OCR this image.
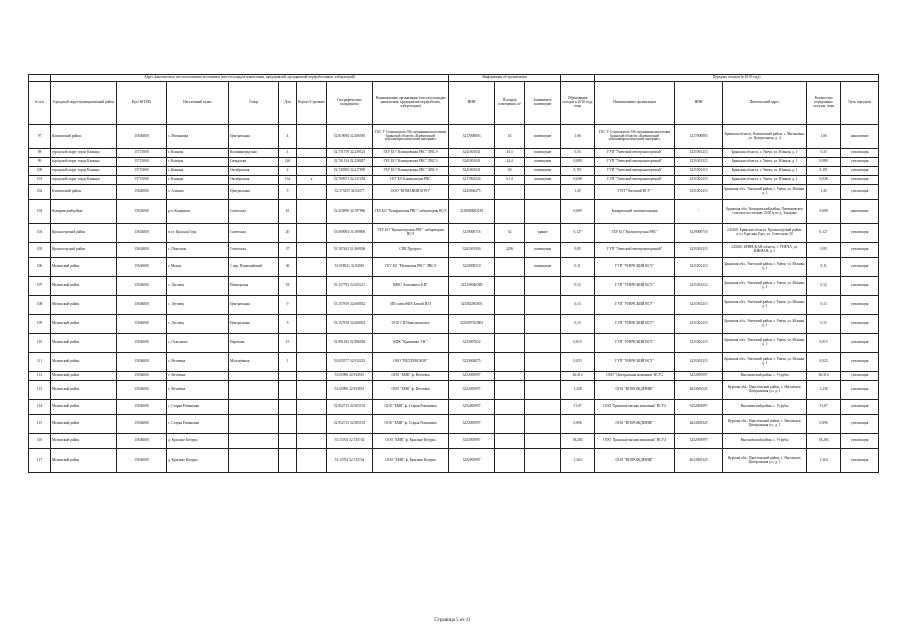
	Адрес фактического местоположения источников (мест/площадок накопления, предприятий, предприятий-переработчиков, лабораторий)								Информация об организации				Передача отходов (в 2018 году)				
№ п/п	Городской округ/муниципальный район	Код ОКТМО	Населенный пункт	Улица	Дом	Корпус/Строение	Географические координаты	Наименование организации (места/площадки накопления, предприятия переработки, лаборатории)	ИНН	Площадь помещения, м²	Занимаемое помещение	Образование отходов в 2018 году, тонн	Наименование организации	ИНН	Фактический адрес	Количество переданных отходов, тонн	Цель передачи
97	Климовский район	15630000	с. Митьковка	Центральная	4		52.819094 32.306585	ГБС У Социального Обслуживания населения Брянской области «Климовский психоневрологический интернат»	3217000803	43	помещение	1,06	ГБС У Социального Обслуживания населения Брянской области «Климовский психоневрологический интернат»	3217000803	Брянская область, Климовский район, с. Митьковка, ул. Центральная, д. 4	1,06	накопление
98	городской округ город Клинцы	15715000	г. Клинцы	Калининградская	4		52.751759 32.239125	ГБУ БО "Клинцовская РВС" ЛВСЭ	3241001041	43,3	помещение	0,35	ГУП "Унечский автотранспортный"	3231001215	Брянская область, г. Унеча, ул. Южная, д. 1	0,35	утилизация
99	городской округ город Клинцы	15715000	г. Клинцы	Свердлова	140		52.761134 32.238287	ГБУ БО "Клинцовская РВС" ЛВСЭ	3241001041	24,4	помещение	0,089	ГУП "Унечский автотранспортный"	3231001215	Брянская область, г. Унеча, ул. Южная, д. 1	0,089	утилизация
100	городской округ город Клинцы	15715000	г. Клинцы	Октябрьская	2		52.745995 32.237859	ГБУ БО "Клинцовская РВС" ЛВСЭ	3241001041	40	помещение	0,191	ГУП "Унечский автотранспортный"	3231001215	Брянская область, г. Унеча, ул. Южная, д. 1	0,191	утилизация
101	городской округ город Клинцы	15715000	г. Клинцы	Октябрьская	134	а	52.769971 32.231294	ГБУ БО Клинцовская РВС	3217002224	61,4	помещение	0,048	ГУП "Унечский автотранспортный"	3231001215	Брянская область, г. Унеча, ул. Южная, д. 1	0,048	утилизация
102	Климовский район	15620000	с. Алешно	Центральная	9		52.373255 34.04377	ООО "КОМАНИНАГРО"	3245006475			1,45	ГУП "Унечский ВСУ"	3231001215	Брянская обл., Унечский район, г. Унеча, ул. Южная, д. 1	1,45	утилизация
103	Комаричский район	15632000	р.п. Комаричи	Советская	61		52.416999 34.787866	ГБУ БО "Комаричская РВС" лаборатория ВСЭ	3218000002183			0,609	Комаричский скотомогильник	-	Брянская обл., Комаричский район, Литвиновское сельское поселение, 2100 м от д. Захарово	0,609	накопление
104	Красногорский район	15634000	п.г.т. Красная Гора	Советская	20		53.009003 31.589806	ГБУ БО "Красногорская РВС" лаборатория ВСЭ	3219000716	32	здание	0,127	ГБУ БО "Красногорская РВС"	3219000716	243160, Брянская область, Красногорский район, п.г.т. Красная Гора, ул. Советская, 20	0,127	утилизация
105	Красногорский район	15634000	с. Перелазы	Советская	37		53.107441 31.469186	СПК Прогресс	3241001990	2456	помещение	0,85	ГУП "Унечский автотранспортный"	3231001215	243300, БРЯНСКАЯ область, г. УНЕЧА, ул. ЮЖНАЯ, д. 1	0,85	утилизация
106	Мглинский район	15636000	г. Мглин	1 пер. Первомайский	36		53.058521 32.84963	ГБУ БО "Мглинская РВС" ЛВСЭ	3220000510		помещение	0,11	ГУП "УНЕЧСКИЙ ВСУ"	3231001215	Брянская обл., Унечский район, г. Унеча, ул. Южная, д. 1	0,11	утилизация
107	Мглинский район	15636000	с. Луговец	Пионерская	18		53.157792 32.655211	КФК "Антоненок Е.И"	322100046389			0,12	ГУП "УНЕЧСКИЙ ВСУ"	3231001212	Брянская обл., Унечский район, г. Унеча, ул. Южная, д. 1	0,12	утилизация
108	Мглинский район	15636000	с. Луговец	Центральная	9		53.157819 32.668052	ИП глава КФХ Белый И.П	323582585601			0,13	ГУП "УНЕЧСКИЙ ВСУ"	3231001215	Брянская обл., Унечский район, г. Унеча, ул. Южная, д. 1	0,13	утилизация
109	Мглинский район	15636000	с. Луговец	Центральная	9		53.157819 32.668052	ООО СП Никольповское	3235007363801			0,15	ГУП "УНЕЧСКИЙ ВСУ"	3231001215	Брянская обл., Унечский район, г. Унеча, ул. Южная, д. 1	0,15	утилизация
110	Мглинский район	15636000	с. Осколково	Партизан	15		52.991182 32.886458	КФК "Кравченко Т.В."	3235007622			0,015	ГУП "УНЕЧСКИЙ ВСУ"	3231001215	Брянская обл., Унечский район, г. Унеча, ул. Южная, д. 1	0,015	утилизация
111	Мглинский район	15636000	с. Ветлевка	Молодёжная	1		53.055577 32.932233	ООО "ВЕТЛЕВСКОЕ"	3235004875			0,025	ГУП "УНЕЧСКИЙ ВСУ"	3231001215	Брянская обл., Унечский район, г. Унеча, ул. Южная, д. 1	0,025	утилизация
112	Мглинский район	15636000	с. Ветлевка				53.05996 32.934951	ООО "БМК" ф. Ветлевка	3252005997			46,314	ООО "Центральная компания" ВСУ2	3252005997	Выгоничский район, с. Утрубы	46,314	утилизация
113	Мглинский район	15636000	с. Ветлевка				53.05996 32.934951	ООО "БМК" ф. Ветлевка	3252005997			1,238	ООО "ВОЗРОЖДЕНИЕ"	4623005325	Курская обл., Пристенский район, с. Нагольное, Центральная ул., д. 1	1,238	утилизация
114	Мглинский район	15636000	с. Старая Романовка				52.952713 32.905155	ООО "БМК" ф. Старая Романовка	3252005997			51,07	ООО "Брянская мясная компания" ВСУ2	3252005997	Выгоничский район, с. Утрубы	51,07	утилизация
115	Мглинский район	15636000	с. Старая Романовка				52.952713 32.905155	ООО "БМК" ф. Старая Романовка	3252005997			0,896	ООО "ВОЗРОЖДЕНИЕ"	4623005325	Курская обл., Пристенский район, с. Нагольное, Центральная ул., д. 1	0,896	утилизация
116	Мглинский район	15636000	д. Красные Кочуры				53.15704 32.745744	ООО "БМК" ф. Красные Кочуры	3252005997			38,284	ООО "Брянская мясная компания" ВСУ2	3252005997	Выгоничский район, с. Утрубы	38,284	утилизация
117	Мглинский район	15636000	д. Красные Кочуры				53.15704 32.745744	ООО "БМК" ф. Красные Кочуры	3252005997			1,364	ООО "ВОЗРОЖДЕНИЕ"	4623005325	Курская обл., Пристенский район, с. Нагольное, Центральная ул., д. 1	1,364	утилизация
Страница 5 из 11
